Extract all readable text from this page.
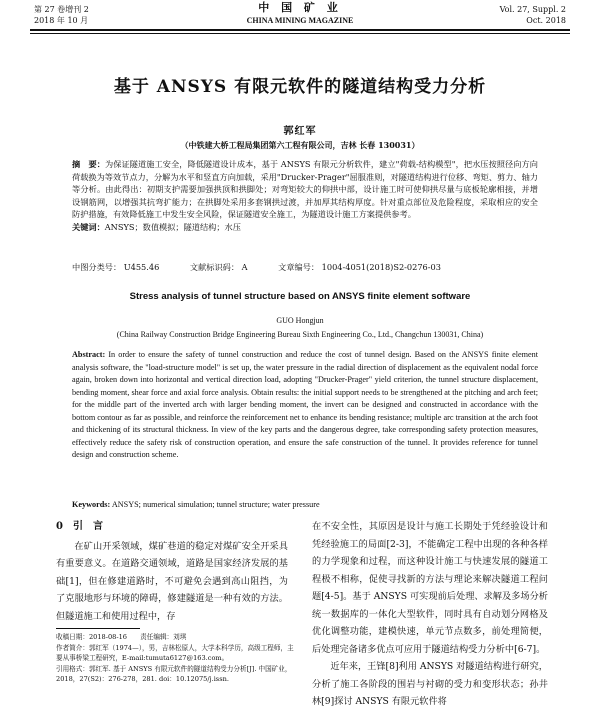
第 27 卷增刊 2
2018 年 10 月
中 国 矿 业
CHINA MINING MAGAZINE
Vol. 27, Suppl. 2
Oct. 2018
基于 ANSYS 有限元软件的隧道结构受力分析
郭红军
（中铁建大桥工程局集团第六工程有限公司，吉林 长春 130031）

摘　要：为保证隧道施工安全，降低隧道设计成本，基于 ANSYS 有限元分析软件，建立"荷载-结构模型"，把水压按照径向方向荷载换为等效节点力，分解为水平和竖直方向加载，采用"Drucker-Prager"屈服准则，对隧道结构进行位移、弯矩、剪力、轴力等分析。由此得出：初期支护需要加强拱顶和拱脚处；对弯矩较大的仰拱中部，设计施工时可使仰拱尽量与底板轮廓相接，并增设钢筋网，以增强其抗弯扩能力；在拱脚处采用多套钢拱过渡，并加厚其结构厚度。针对重点部位及危险程度，采取相应的安全防护措施，有效降低施工中发生安全风险，保证隧道安全施工，为隧道设计施工方案提供参考。

关键词：ANSYS；数值模拟；隧道结构；水压

中图分类号： U455.46	文献标识码： A	文章编号： 1004-4051(2018)S2-0276-03
Stress analysis of tunnel structure based on ANSYS finite element software
GUO Hongjun
(China Railway Construction Bridge Engineering Bureau Sixth Engineering Co., Ltd., Changchun 130031, China)

Abstract: In order to ensure the safety of tunnel construction and reduce the cost of tunnel design. Based on the ANSYS finite element analysis software, the "load-structure model" is set up, the water pressure in the radial direction of displacement as the equivalent nodal force again, broken down into horizontal and vertical direction load, adopting "Drucker-Prager" yield criterion, the tunnel structure displacement, bending moment, shear force and axial force analysis. Obtain results: the initial support needs to be strengthened at the pitching and arch feet; for the middle part of the inverted arch with larger bending moment, the invert can be designed and constructed in accordance with the bottom contour as far as possible, and reinforce the reinforcement net to enhance its bending resistance; multiple arc transition at the arch foot and thickening of its structural thickness. In view of the key parts and the dangerous degree, take corresponding safety protection measures, effectively reduce the safety risk of construction operation, and ensure the safe construction of the tunnel. It provides reference for tunnel design and construction scheme.

Keywords: ANSYS; numerical simulation; tunnel structure; water pressure
0　引　言

在矿山开采领域，煤矿巷道的稳定对煤矿安全开采具有重要意义。在道路交通领域，道路是国家经济发展的基础[1]，但在修建道路时，不可避免会遇到高山阻挡，为了克服地形与环境的障碍，修建隧道是一种有效的方法。但隧道施工和使用过程中，存

在不安全性，其原因是设计与施工长期处于凭经验设计和凭经验施工的局面[2-3]，不能确定工程中出现的各种各样的力学现象和过程，而这种设计施工与快速发展的隧道工程极不相称，促使寻找新的方法与理论来解决隧道工程问题[4-5]。基于 ANSYS 可实现前后处理、求解及多场分析统一数据库的一体化大型软件，同时具有自动划分网格及优化调整功能，建模快速，单元节点数多，前处理简便，后处理完备诸多优点可应用于隧道结构受力分析中[6-7]。

近年来，王锋[8]利用 ANSYS 对隧道结构进行研究，分析了施工各阶段的围岩与衬砌的受力和变形状态；孙井林[9]探讨 ANSYS 有限元软件将

收稿日期：2018-08-16　　责任编辑：刘琪

作者简介：郭红军（1974—），男，吉林松原人，大学本科学历，高级工程师，主要从事桥梁工程研究，E-mail:tumuta6127@163.com。

引用格式：郭红军. 基于 ANSYS 有限元软件的隧道结构受力分析[J]. 中国矿业，2018，27(S2)：276-278，281. doi：10.12075/j.issn.
